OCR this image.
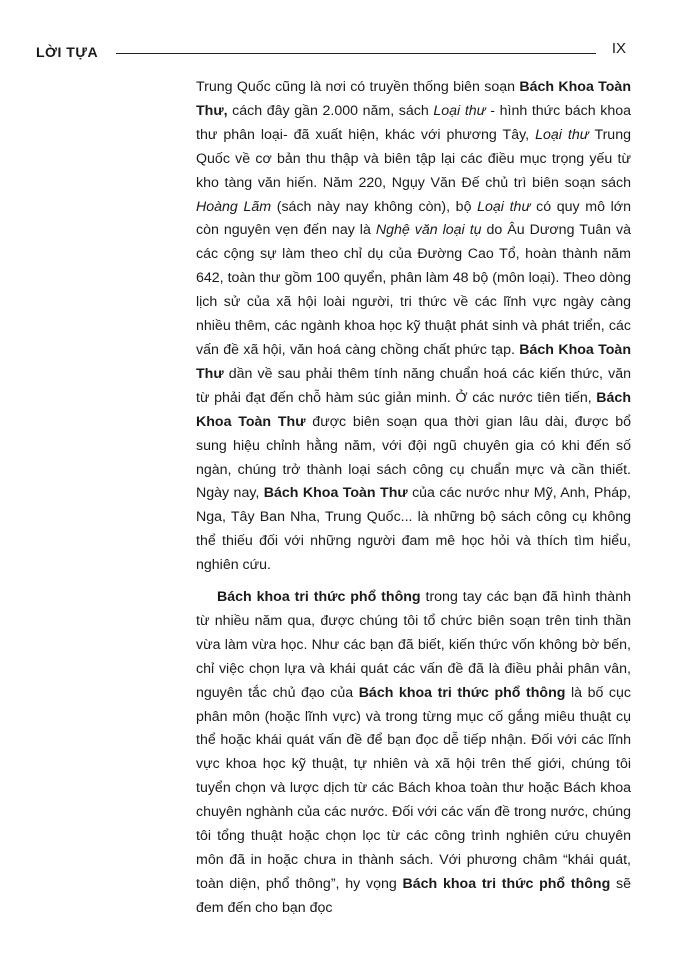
LỜI TỰA	IX

Trung Quốc cũng là nơi có truyền thống biên soạn Bách Khoa Toàn Thư, cách đây gần 2.000 năm, sách Loại thư - hình thức bách khoa thư phân loại- đã xuất hiện, khác với phương Tây, Loại thư Trung Quốc về cơ bản thu thập và biên tập lại các điều mục trọng yếu từ kho tàng văn hiến. Năm 220, Ngụy Văn Đế chủ trì biên soạn sách Hoàng Lãm (sách này nay không còn), bộ Loại thư có quy mô lớn còn nguyên vẹn đến nay là Nghệ văn loại tụ do Âu Dương Tuân và các cộng sự làm theo chỉ dụ của Đường Cao Tổ, hoàn thành năm 642, toàn thư gồm 100 quyển, phân làm 48 bộ (môn loại). Theo dòng lịch sử của xã hội loài người, tri thức về các lĩnh vực ngày càng nhiều thêm, các ngành khoa học kỹ thuật phát sinh và phát triển, các vấn đề xã hội, văn hoá càng chồng chất phức tạp. Bách Khoa Toàn Thư dần về sau phải thêm tính năng chuẩn hoá các kiến thức, văn từ phải đạt đến chỗ hàm súc giản minh. Ở các nước tiên tiến, Bách Khoa Toàn Thư được biên soạn qua thời gian lâu dài, được bổ sung hiệu chỉnh hằng năm, với đội ngũ chuyên gia có khi đến số ngàn, chúng trở thành loại sách công cụ chuẩn mực và cần thiết. Ngày nay, Bách Khoa Toàn Thư của các nước như Mỹ, Anh, Pháp, Nga, Tây Ban Nha, Trung Quốc... là những bộ sách công cụ không thể thiếu đối với những người đam mê học hỏi và thích tìm hiểu, nghiên cứu.

Bách khoa tri thức phổ thông trong tay các bạn đã hình thành từ nhiều năm qua, được chúng tôi tổ chức biên soạn trên tinh thần vừa làm vừa học. Như các bạn đã biết, kiến thức vốn không bờ bến, chỉ việc chọn lựa và khái quát các vấn đề đã là điều phải phân vân, nguyên tắc chủ đạo của Bách khoa tri thức phổ thông là bố cục phân môn (hoặc lĩnh vực) và trong từng mục cố gắng miêu thuật cụ thể hoặc khái quát vấn đề để bạn đọc dễ tiếp nhận. Đối với các lĩnh vực khoa học kỹ thuật, tự nhiên và xã hội trên thế giới, chúng tôi tuyển chọn và lược dịch từ các Bách khoa toàn thư hoặc Bách khoa chuyên nghành của các nước. Đối với các vấn đề trong nước, chúng tôi tổng thuật hoặc chọn lọc từ các công trình nghiên cứu chuyên môn đã in hoặc chưa in thành sách. Với phương châm “khái quát, toàn diện, phổ thông”, hy vọng Bách khoa tri thức phổ thông sẽ đem đến cho bạn đọc
